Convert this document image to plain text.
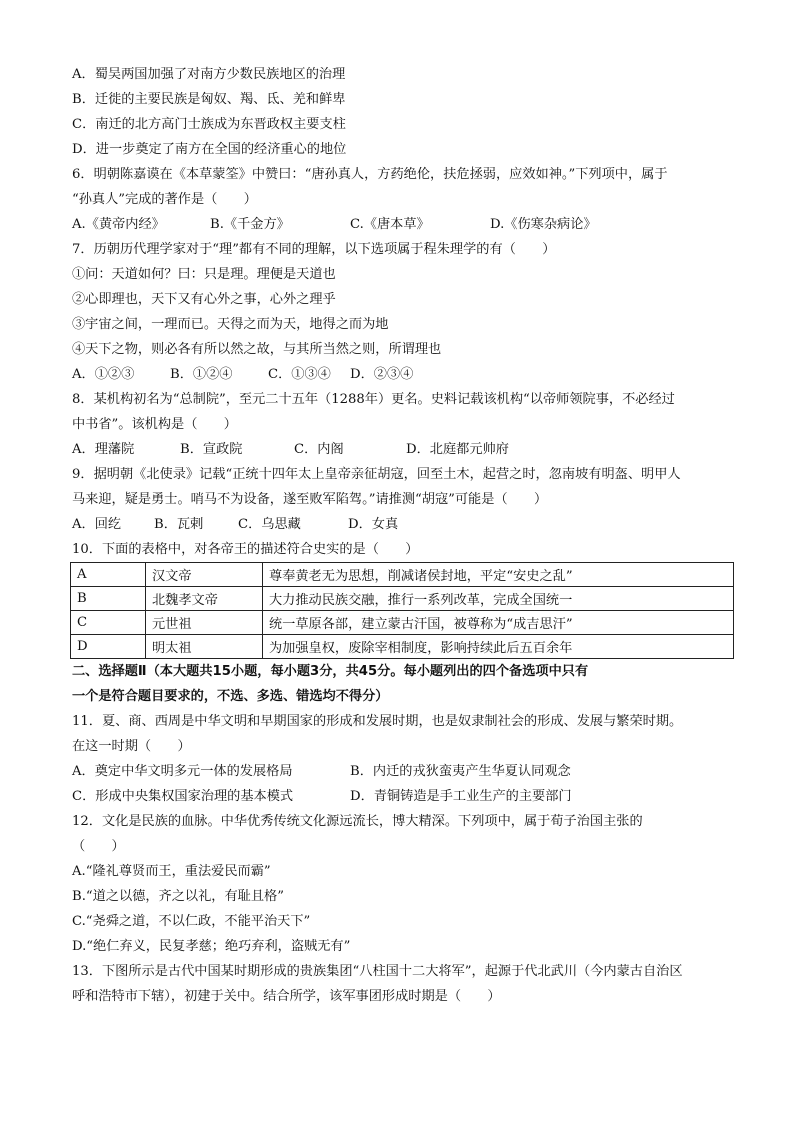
A．蜀吴两国加强了对南方少数民族地区的治理
B．迁徙的主要民族是匈奴、羯、氐、羌和鲜卑
C．南迁的北方高门士族成为东晋政权主要支柱
D．进一步奠定了南方在全国的经济重心的地位
6．明朝陈嘉谟在《本草蒙筌》中赞曰：“唐孙真人，方药绝伦，扶危拯弱，应效如神。”下列项中，属于
“孙真人”完成的著作是（　　）
A.《黄帝内经》	B.《千金方》	C.《唐本草》	D.《伤寒杂病论》
7．历朝历代理学家对于“理”都有不同的理解，以下选项属于程朱理学的有（　　）
①问：天道如何？曰：只是理。理便是天道也
②心即理也，天下又有心外之事，心外之理乎
③宇宙之间，一理而已。天得之而为天，地得之而为地
④天下之物，则必各有所以然之故，与其所当然之则，所谓理也
A．①②③	B．①②④	C．①③④	D．②③④
8．某机构初名为“总制院”，至元二十五年（1288年）更名。史料记载该机构“以帝师领院事，不必经过
中书省”。该机构是（　　）
A．理藩院	B．宣政院	C．内阁	D．北庭都元帅府
9．据明朝《北使录》记载“正统十四年太上皇帝亲征胡寇，回至土木，起营之时，忽南坡有明盔、明甲人
马来迎，疑是勇士。哨马不为设备，遂至败军陷驾。”请推测“胡寇”可能是（　　）
A．回纥	B．瓦剌	C．乌思藏	D．女真
10．下面的表格中，对各帝王的描述符合史实的是（　　）
A	汉文帝	尊奉黄老无为思想，削减诸侯封地，平定“安史之乱”
B	北魏孝文帝	大力推动民族交融，推行一系列改革，完成全国统一
C	元世祖	统一草原各部，建立蒙古汗国，被尊称为“成吉思汗”
D	明太祖	为加强皇权，废除宰相制度，影响持续此后五百余年
二、选择题Ⅱ（本大题共15小题，每小题3分，共45分。每小题列出的四个备选项中只有
一个是符合题目要求的，不选、多选、错选均不得分）
11．夏、商、西周是中华文明和早期国家的形成和发展时期，也是奴隶制社会的形成、发展与繁荣时期。
在这一时期（　　）
A．奠定中华文明多元一体的发展格局	B．内迁的戎狄蛮夷产生华夏认同观念
C．形成中央集权国家治理的基本模式	D．青铜铸造是手工业生产的主要部门
12．文化是民族的血脉。中华优秀传统文化源远流长，博大精深。下列项中，属于荀子治国主张的
（　　）
A.“隆礼尊贤而王，重法爱民而霸”
B.“道之以德，齐之以礼，有耻且格”
C.“尧舜之道，不以仁政，不能平治天下”
D.“绝仁弃义，民复孝慈；绝巧弃利，盗贼无有”
13．下图所示是古代中国某时期形成的贵族集团“八柱国十二大将军”，起源于代北武川（今内蒙古自治区
呼和浩特市下辖），初建于关中。结合所学，该军事团形成时期是（　　）
